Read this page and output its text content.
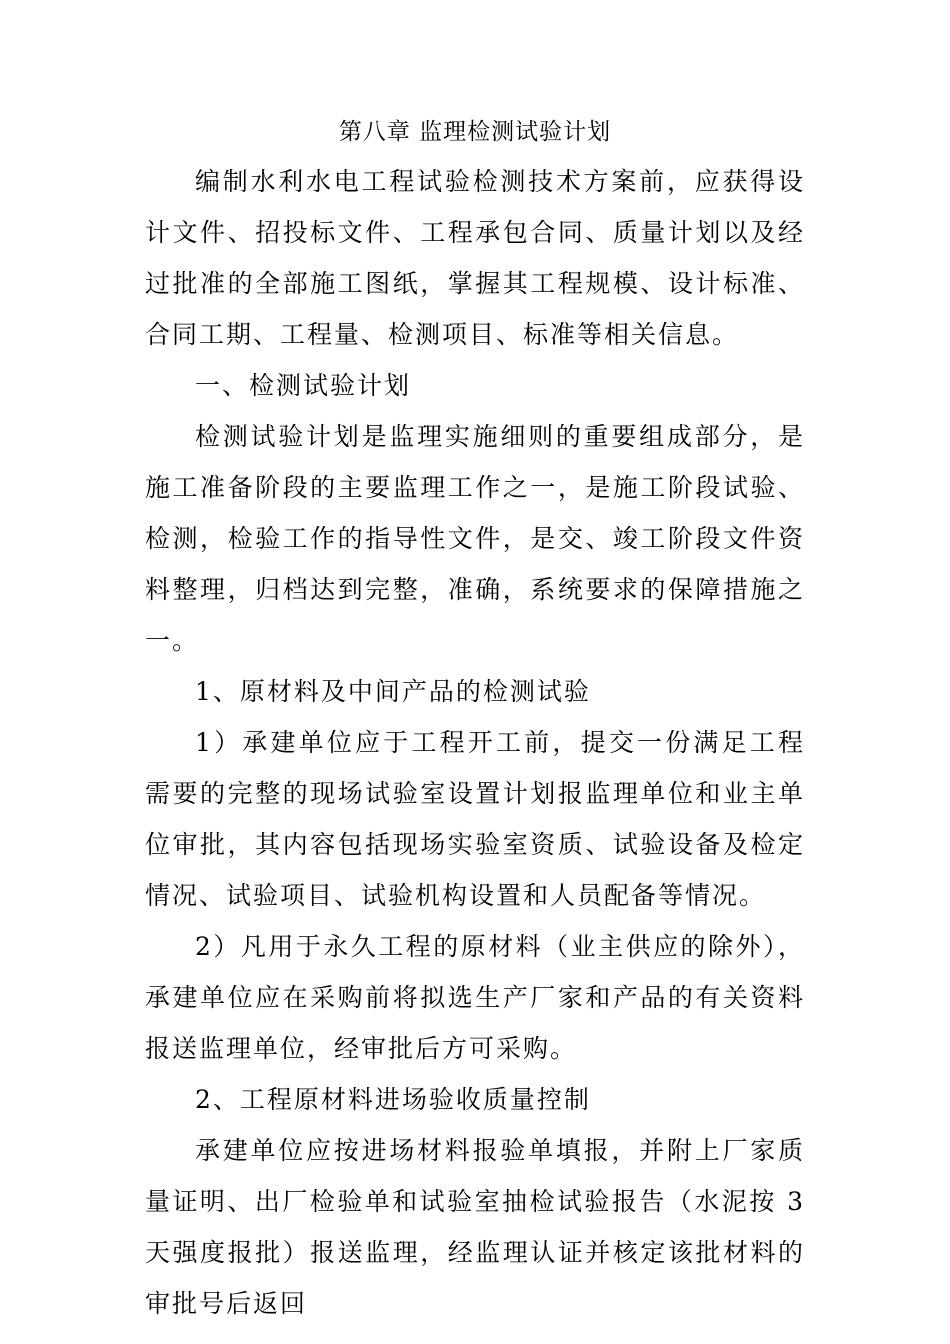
第八章 监理检测试验计划

编制水利水电工程试验检测技术方案前，应获得设计文件、招投标文件、工程承包合同、质量计划以及经过批准的全部施工图纸，掌握其工程规模、设计标准、合同工期、工程量、检测项目、标准等相关信息。

一、检测试验计划

检测试验计划是监理实施细则的重要组成部分，是施工准备阶段的主要监理工作之一，是施工阶段试验、检测，检验工作的指导性文件，是交、竣工阶段文件资料整理，归档达到完整，准确，系统要求的保障措施之一。

1、原材料及中间产品的检测试验

1）承建单位应于工程开工前，提交一份满足工程需要的完整的现场试验室设置计划报监理单位和业主单位审批，其内容包括现场实验室资质、试验设备及检定情况、试验项目、试验机构设置和人员配备等情况。

2）凡用于永久工程的原材料（业主供应的除外），承建单位应在采购前将拟选生产厂家和产品的有关资料报送监理单位，经审批后方可采购。

2、工程原材料进场验收质量控制

承建单位应按进场材料报验单填报，并附上厂家质量证明、出厂检验单和试验室抽检试验报告（水泥按 3 天强度报批）报送监理，经监理认证并核定该批材料的审批号后返回
